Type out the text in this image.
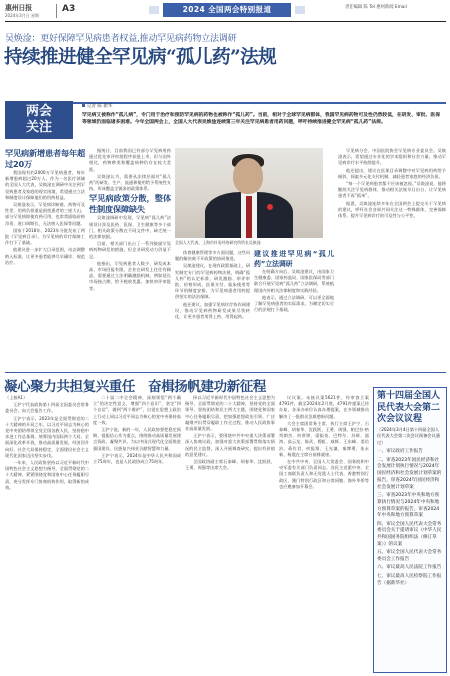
惠州日报
2024年3月日 星期
A3	2024 全国两会特别报道	责任编辑 陈 Tel 惠州新闻 Email
吴焕淦：更好保障罕见病患者权益,推动罕见病药物立法调研
持续推进健全罕见病“孤儿药”法规
两会
关注
记者 陈 新华
罕见病又被称作“孤儿病”，专门用于治疗和预防罕见病的药物也被称作“孤儿药”。当前，相对于全球罕见病群体，我国罕见病药物可及性仍然较低，在研发、审批、医保等领域仍面临诸多困难。今年全国两会上，全国人大代表吴焕淦连续第三年关注罕见病患者用药问题，呼吁持续推进健全罕见病“孤儿药”法规。
罕见病新增患者每年超过20万

我国现有约2000万罕见病患者，每年新增患病超过20万人。作为一名医疗领域的全国人大代表，吴焕淦在调研中关注到罕见病患者及家庭的现实困境，希望通过立法和制度设计保障他们的用药权益。

吴焕淦表示，罕见病诊断难、药物可及性差、用药负担重是困扰患者的三座大山，部分罕见病即使有药可用，也常常面临价格昂贵、进口周期长、无法纳入医保等问题。

国家于2018年、2023年分批发布了两批《罕见病目录》，为罕见病的诊疗保障工作打下了基础。

他建议进一步扩大目录范围，动态调整纳入标准，让更多患者能够尽早确诊、规范治疗。

据统计，目前我国已有部分罕见病用药通过优先审评审批程序获批上市，但与国外相比，药物种类和覆盖病种仍存在较大差距。

吴焕淦认为，需要从法律层面对“孤儿药”的研发、生产、流通和使用给予系统性支持，形成覆盖全链条的政策体系。

罕见病政策分散，整体性制度保障缺失

吴焕淦调研中发现，罕见病“孤儿药”法规设计涉及医药、医保、卫生健康等多个部门，相关政策分散在不同文件中，缺乏统一的法律依据。

目前，相关部门出台了一系列鼓励罕见病药物研发的措施，但企业研发动力仍显不足。

他指出，罕见病患者人数少、研发成本高、市场回报有限，企业在研发上往往有顾虑，需要通过立法明确激励机制，例如延长市场独占期、给予税收优惠、加快审评审批等。

全国人大代表、上海市针灸经络研究所所长吴焕淦

体育健康管理等多方面问题，这些问题的解决离不开政策的协同推进。

吴焕淦建议，在现有政策基础上，研究制定专门的罕见病药物法规，明确“孤儿药”的认定标准、研发激励、审评审批、价格形成、医保支付、临床使用等环节的制度安排，为罕见病患者用药提供坚实的法治保障。

他还建议，加强罕见病诊疗协作网建设，推动罕见病药物研发成果尽快转化，让更多患者用得上药、用得起药。

建议推进罕见病“孤儿药”立法调研

在明确方向后，吴焕淦建议，由国家卫生健康委、国家药监局、国家医保局等部门联合开展罕见病“孤儿药”立法调研，系统梳理国内外相关法律制度和实践经验。

他表示，通过立法调研，可以更全面地了解罕见病患者的实际需求，为制定切实可行的法规打下基础。

罕见病分会、中国医院协会罕见病专业委员会。吴焕淦表示，希望通过专业化的学术组织和社会力量，推动罕见病诊疗水平持续提升。

他还提出，建议在医保目录调整中对罕见病用药给予倾斜，探索多元化支付机制，减轻患者家庭的经济负担。

“每一个罕见病患者都不应该被忽视。”吴焕淦说，他将继续关注罕见病群体，推动相关法规早日出台，让罕见病患者不再“孤单”。

据悉，吴焕淦连续多年在全国两会上提交关于罕见病的建议，呼吁社会各界共同关注这一特殊群体，完善保障体系，提升罕见病诊疗的可及性与公平性。

凝心聚力共担复兴重任　奋楫扬帆建功新征程

（上接A1）

王沪宁代表政协第十四届全国委员会常务委员会，向大会报告工作。

王沪宁表示，2023年是全面贯彻党的二十大精神的开局之年，以习近平同志为核心的党中央团结带领全党全国各族人民，坚持稳中求进工作总基调，统筹国内国际两个大局，全面深化改革开放，推动高质量发展，经济回升向好，社会大局保持稳定，全面建设社会主义现代化国家迈出坚实步伐。

一年来，人民政协坚持以习近平新时代中国特色社会主义思想为指导，全面贯彻党的二十大精神，紧紧围绕党和国家中心任务履职尽责，充分发挥专门协商机构作用，取得新的成效。

二十届二中全会精神，深刻领悟“两个确立”的决定性意义，增强“四个意识”，坚定“四个自信”，做到“两个维护”，自觉在思想上政治上行动上同以习近平同志为核心的党中央保持高度一致。

王沪宁说，新的一年，人民政协要把稳定预期、提振信心作为重点，围绕推动高质量发展建言资政、凝聚共识，为以中国式现代化全面推进强国建设、民族复兴伟业贡献智慧和力量。

王沪宁表示，2024年是中华人民共和国成立75周年，也是人民政协成立75周年。

择以习近平新时代中国特色社会主义思想为指导，全面贯彻党的二十大精神，坚持党的全面领导，坚持团结和民主两大主题，围绕党和国家中心任务履职尽责，把加强思想政治引领、广泛凝聚共识贯穿履职工作全过程，推动人民政协事业高质量发展。

王沪宁表示，要围绕中共中央重大决策部署深入协商议政，加强对重大决策部署贯彻落实情况的民主监督，深入开展调查研究，提出有价值的意见建议。

全国政协副主席石泰峰、胡春华、沈跃跃、王勇、周强等出席大会。

议议案。未接议案5621件，经审查立案4791件，截至2024年2月底，4791件提案已经办复，各承办单位认真办理提案，在多领域推动解决了一批群众急难愁盼问题。

大会主席团常务主席、执行主席王沪宁、石泰峰、胡春华、沈跃跃、王勇、周强、帕巴拉·格列朗杰、何厚铧、梁振英、巴特尔、苏辉、邵鸿、高云龙、陈武、穆虹、咸辉、王东峰、姜信治、蒋作君、何报翔、王光谦、秦博勇、朱永新、杨震在主席台前排就座。

在中共中央、全国人大常委会、国务院和中央军委有关部门负责同志，各民主党派中央、全国工商联负责人和无党派人士代表，香港特别行政区、澳门特别行政区和台湾同胞、海外华侨等也应邀参加开幕会。

第十四届全国人民代表大会第二次会议议程
（2024年3月4日第十四届全国人民代表大会第二次会议预备会议通过）
一、审议政府工作报告
二、审查2023年国民经济和社会发展计划执行情况与2024年国民经济和社会发展计划草案的报告，审查2024年国民经济和社会发展计划草案
三、审查2023年中央和地方预算执行情况与2024年中央和地方预算草案的报告，审查2024年中央和地方预算草案
四、审议全国人民代表大会常务委员会关于提请审议《中华人民共和国国务院组织法（修订草案）》的议案
五、审议全国人民代表大会常务委员会工作报告
六、审议最高人民法院工作报告
七、审议最高人民检察院工作报告（据新华社）
